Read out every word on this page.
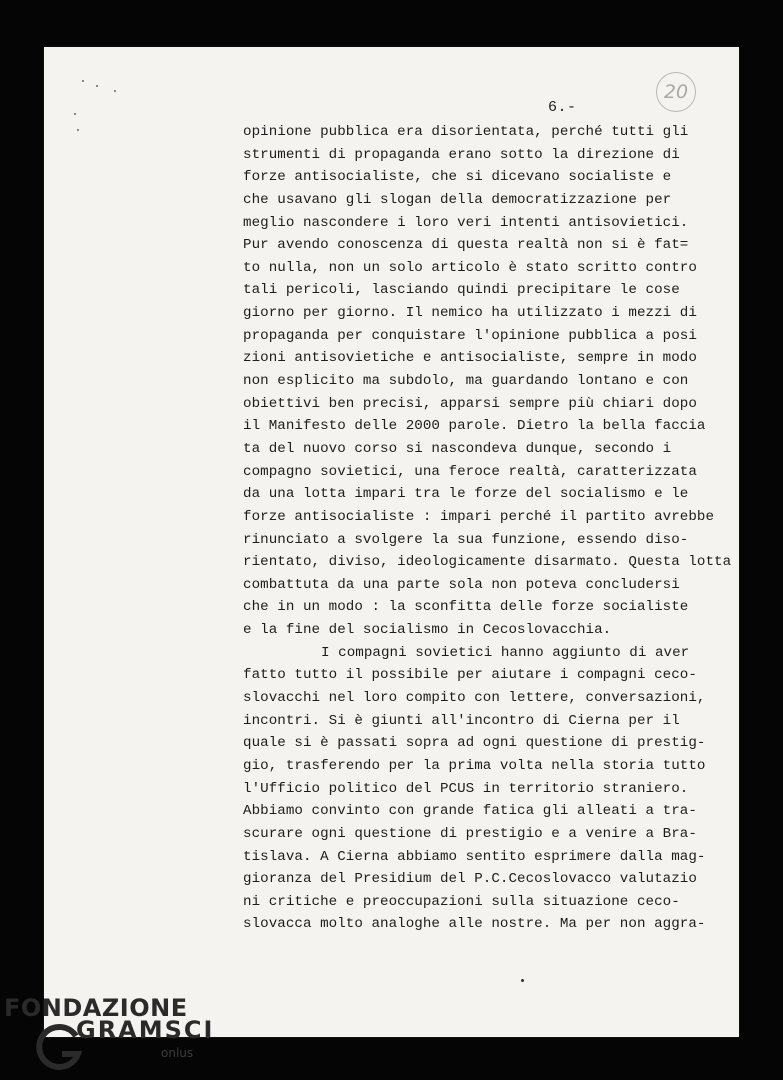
6.-
20
opinione pubblica era disorientata, perché tutti gli
strumenti di propaganda erano sotto la direzione di
forze antisocialiste, che si dicevano socialiste e
che usavano gli slogan della democratizzazione per
meglio nascondere i loro veri intenti antisovietici.
Pur avendo conoscenza di questa realtà non si è fat=
to nulla, non un solo articolo è stato scritto contro
tali pericoli, lasciando quindi precipitare le cose
giorno per giorno. Il nemico ha utilizzato i mezzi di
propaganda per conquistare l'opinione pubblica a posi
zioni antisovietiche e antisocialiste, sempre in modo
non esplicito ma subdolo, ma guardando lontano e con
obiettivi ben precisi, apparsi sempre più chiari dopo
il Manifesto delle 2000 parole. Dietro la bella faccia
ta del nuovo corso si nascondeva dunque, secondo i
compagno sovietici, una feroce realtà, caratterizzata
da una lotta impari tra le forze del socialismo e le
forze antisocialiste : impari perché il partito avrebbe
rinunciato a svolgere la sua funzione, essendo diso-
rientato, diviso, ideologicamente disarmato. Questa lotta
combattuta da una parte sola non poteva concludersi
che in un modo : la sconfitta delle forze socialiste
e la fine del socialismo in Cecoslovacchia.
I compagni sovietici hanno aggiunto di aver
fatto tutto il possibile per aiutare i compagni ceco-
slovacchi nel loro compito con lettere, conversazioni,
incontri. Si è giunti all'incontro di Cierna per il
quale si è passati sopra ad ogni questione di prestig-
gio, trasferendo per la prima volta nella storia tutto
l'Ufficio politico del PCUS in territorio straniero.
Abbiamo convinto con grande fatica gli alleati a tra-
scurare ogni questione di prestigio e a venire a Bra-
tislava. A Cierna abbiamo sentito esprimere dalla mag-
gioranza del Presidium del P.C.Cecoslovacco valutazio
ni critiche e preoccupazioni sulla situazione ceco-
slovacca molto analoghe alle nostre. Ma per non aggra-
FONDAZIONE
GRAMSCI
onlus
